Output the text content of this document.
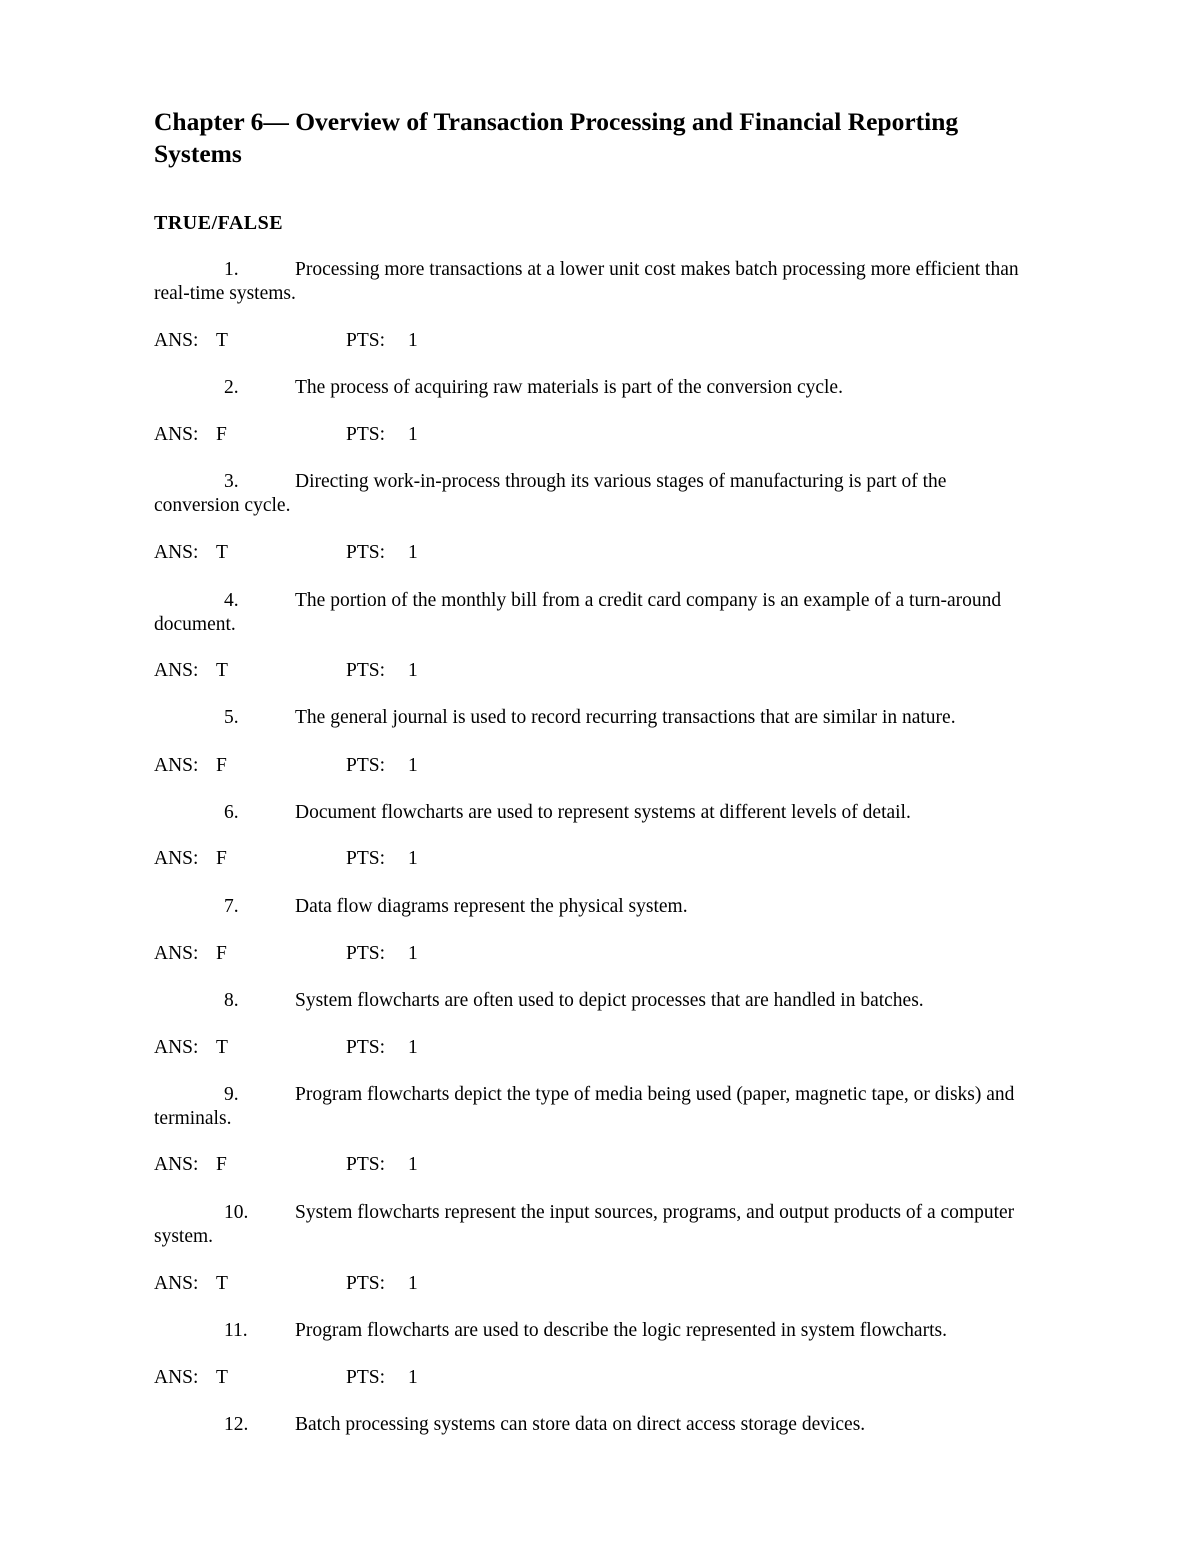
Chapter 6— Overview of Transaction Processing and Financial Reporting Systems
TRUE/FALSE
1.	Processing more transactions at a lower unit cost makes batch processing more efficient than real-time systems.
ANS: T	PTS: 1
2.	The process of acquiring raw materials is part of the conversion cycle.
ANS: F	PTS: 1
3.	Directing work-in-process through its various stages of manufacturing is part of the conversion cycle.
ANS: T	PTS: 1
4.	The portion of the monthly bill from a credit card company is an example of a turn-around document.
ANS: T	PTS: 1
5.	The general journal is used to record recurring transactions that are similar in nature.
ANS: F	PTS: 1
6.	Document flowcharts are used to represent systems at different levels of detail.
ANS: F	PTS: 1
7.	Data flow diagrams represent the physical system.
ANS: F	PTS: 1
8.	System flowcharts are often used to depict processes that are handled in batches.
ANS: T	PTS: 1
9.	Program flowcharts depict the type of media being used (paper, magnetic tape, or disks) and terminals.
ANS: F	PTS: 1
10.	System flowcharts represent the input sources, programs, and output products of a computer system.
ANS: T	PTS: 1
11.	Program flowcharts are used to describe the logic represented in system flowcharts.
ANS: T	PTS: 1
12.	Batch processing systems can store data on direct access storage devices.
